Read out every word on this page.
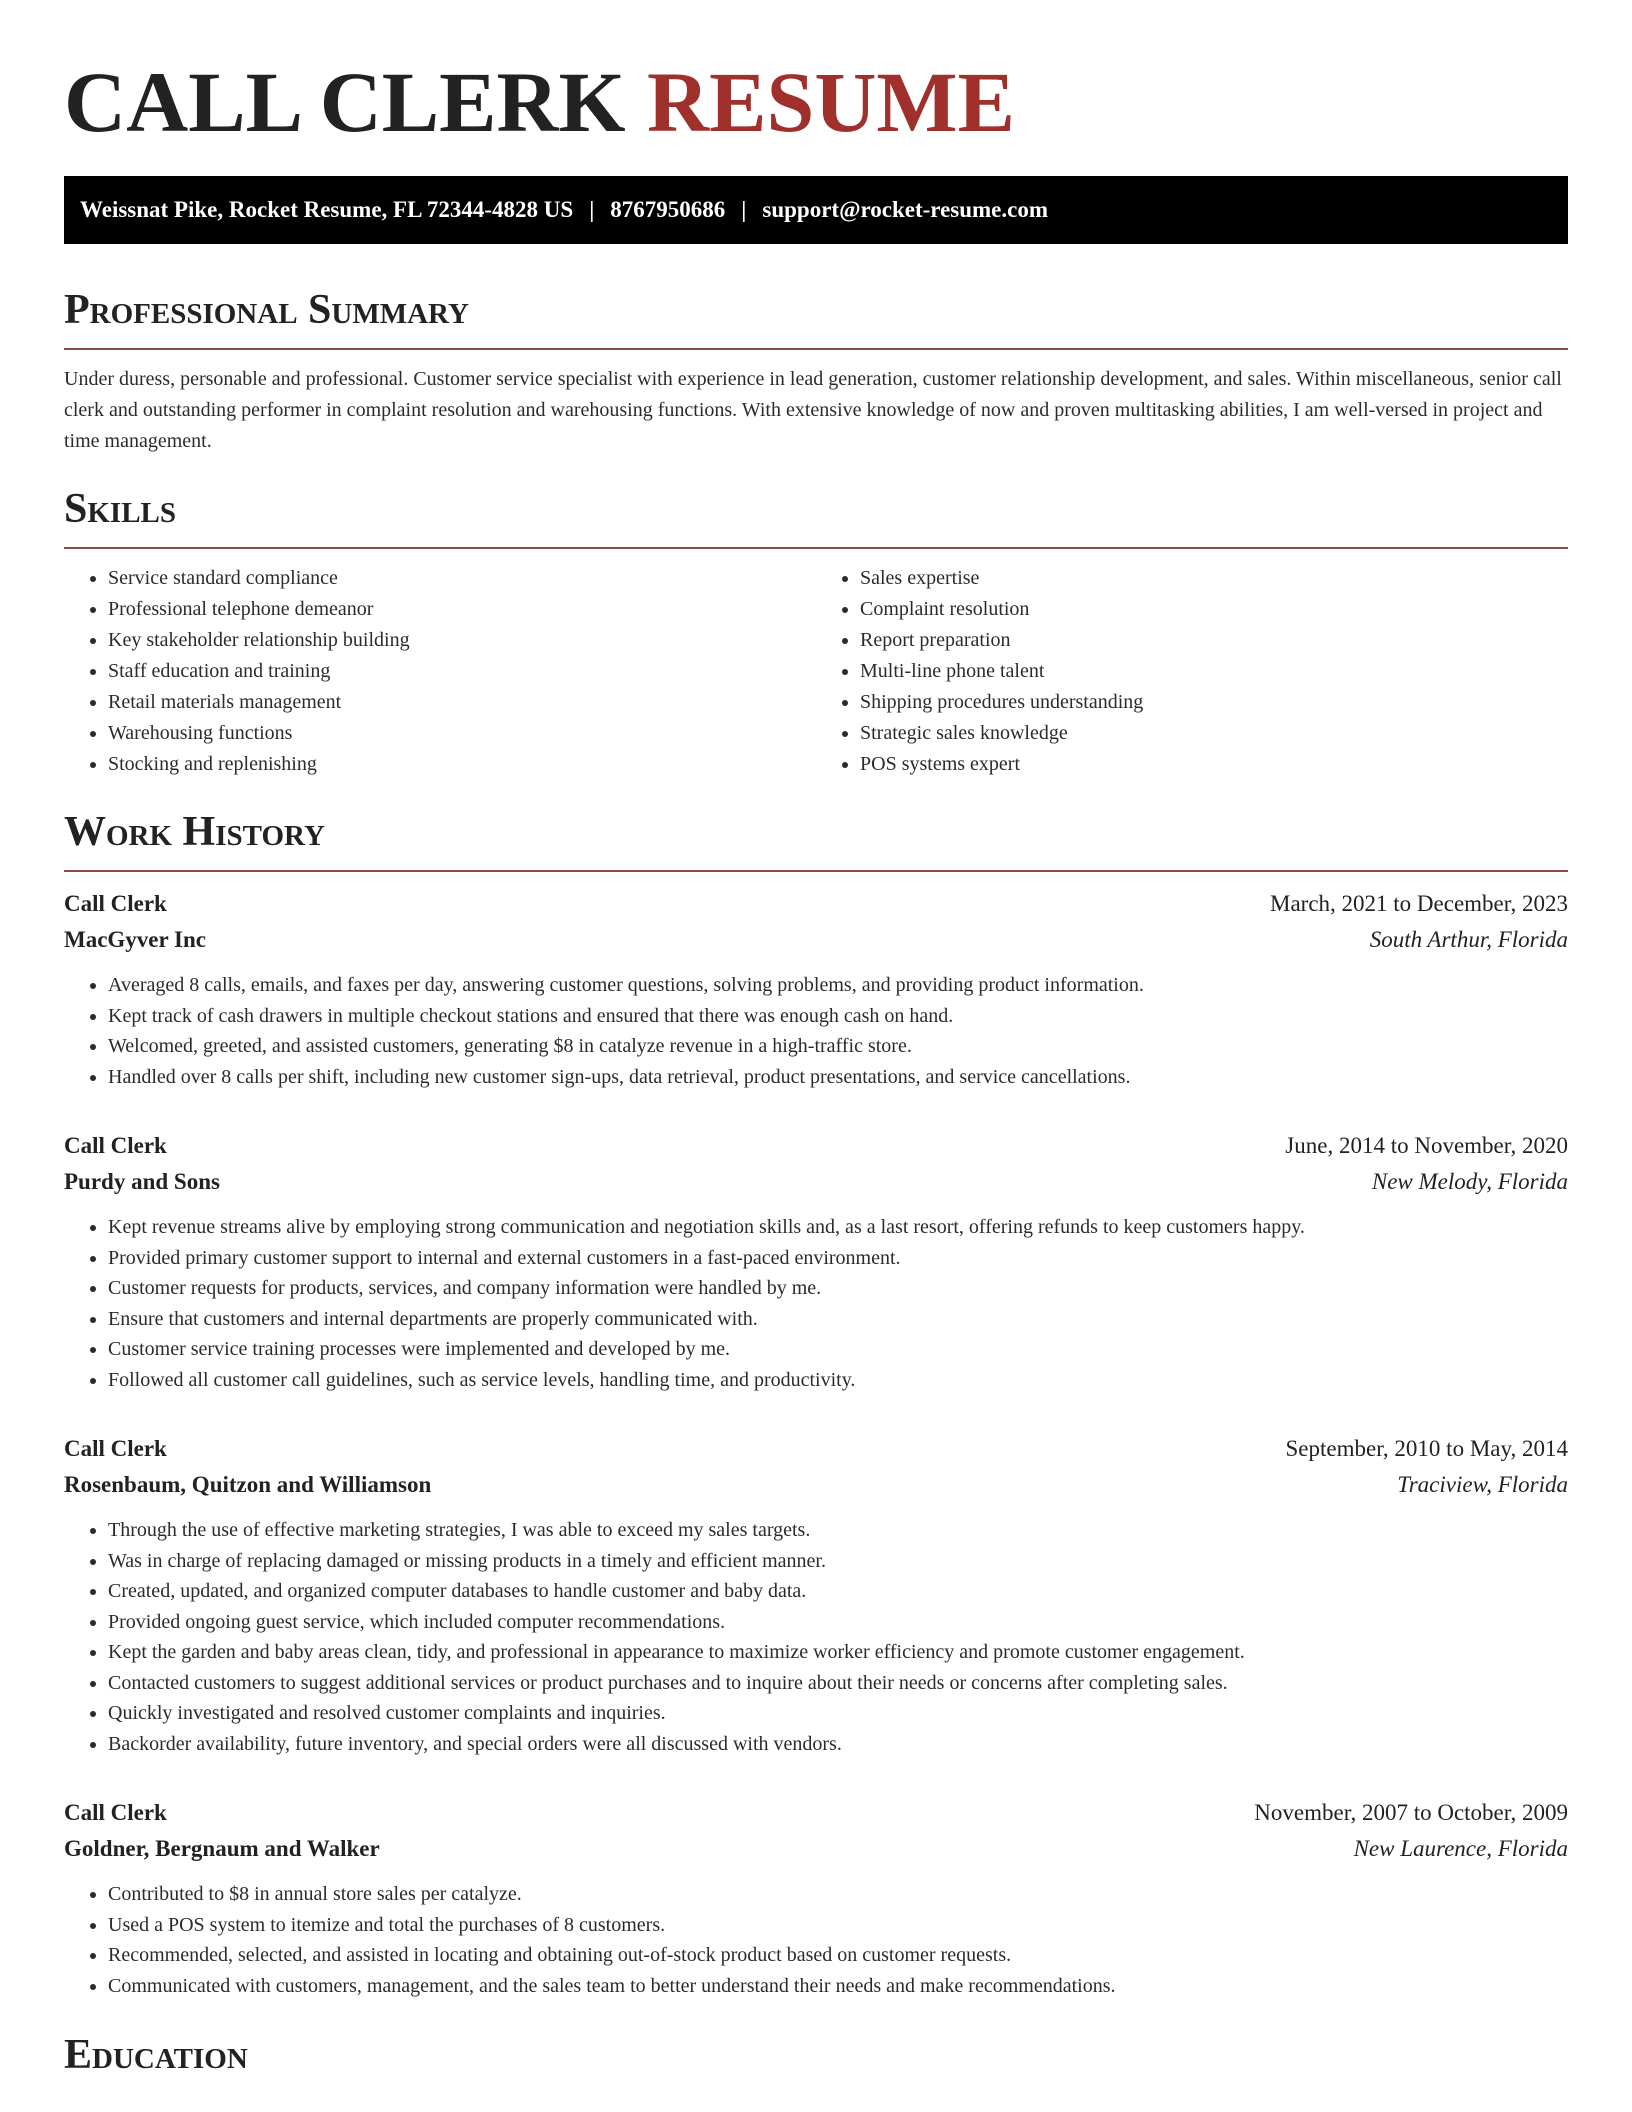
CALL CLERK RESUME
Weissnat Pike, Rocket Resume, FL 72344-4828 US | 8767950686 | support@rocket-resume.com
Professional Summary

Under duress, personable and professional. Customer service specialist with experience in lead generation, customer relationship development, and sales. Within miscellaneous, senior call clerk and outstanding performer in complaint resolution and warehousing functions. With extensive knowledge of now and proven multitasking abilities, I am well-versed in project and time management.

Skills
• Service standard compliance
• Professional telephone demeanor
• Key stakeholder relationship building
• Staff education and training
• Retail materials management
• Warehousing functions
• Stocking and replenishing
• Sales expertise
• Complaint resolution
• Report preparation
• Multi-line phone talent
• Shipping procedures understanding
• Strategic sales knowledge
• POS systems expert
Work History
Call Clerk	March, 2021 to December, 2023
MacGyver Inc	South Arthur, Florida
• Averaged 8 calls, emails, and faxes per day, answering customer questions, solving problems, and providing product information.
• Kept track of cash drawers in multiple checkout stations and ensured that there was enough cash on hand.
• Welcomed, greeted, and assisted customers, generating $8 in catalyze revenue in a high-traffic store.
• Handled over 8 calls per shift, including new customer sign-ups, data retrieval, product presentations, and service cancellations.
Call Clerk	June, 2014 to November, 2020
Purdy and Sons	New Melody, Florida
• Kept revenue streams alive by employing strong communication and negotiation skills and, as a last resort, offering refunds to keep customers happy.
• Provided primary customer support to internal and external customers in a fast-paced environment.
• Customer requests for products, services, and company information were handled by me.
• Ensure that customers and internal departments are properly communicated with.
• Customer service training processes were implemented and developed by me.
• Followed all customer call guidelines, such as service levels, handling time, and productivity.
Call Clerk	September, 2010 to May, 2014
Rosenbaum, Quitzon and Williamson	Traciview, Florida
• Through the use of effective marketing strategies, I was able to exceed my sales targets.
• Was in charge of replacing damaged or missing products in a timely and efficient manner.
• Created, updated, and organized computer databases to handle customer and baby data.
• Provided ongoing guest service, which included computer recommendations.
• Kept the garden and baby areas clean, tidy, and professional in appearance to maximize worker efficiency and promote customer engagement.
• Contacted customers to suggest additional services or product purchases and to inquire about their needs or concerns after completing sales.
• Quickly investigated and resolved customer complaints and inquiries.
• Backorder availability, future inventory, and special orders were all discussed with vendors.
Call Clerk	November, 2007 to October, 2009
Goldner, Bergnaum and Walker	New Laurence, Florida
• Contributed to $8 in annual store sales per catalyze.
• Used a POS system to itemize and total the purchases of 8 customers.
• Recommended, selected, and assisted in locating and obtaining out-of-stock product based on customer requests.
• Communicated with customers, management, and the sales team to better understand their needs and make recommendations.
Education
